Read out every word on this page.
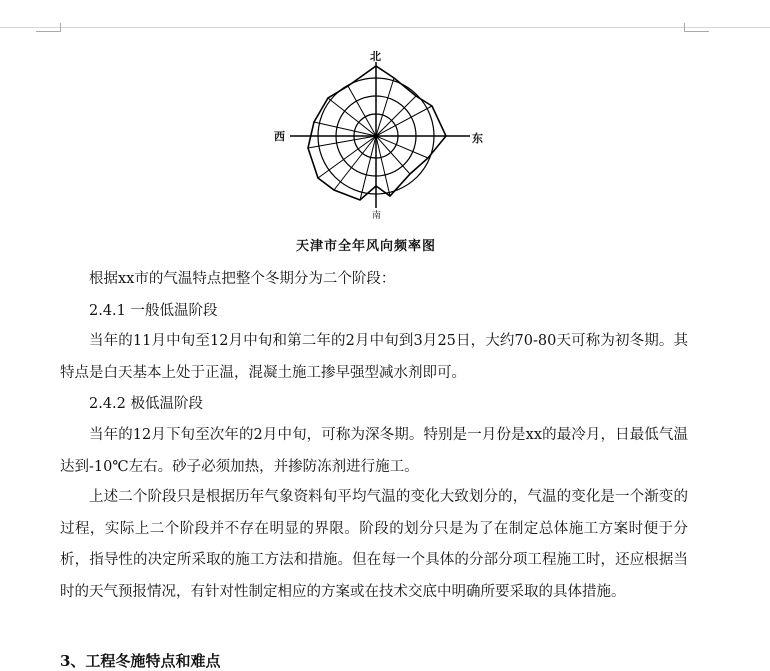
北
南
东
西
天津市全年风向频率图

根据xx市的气温特点把整个冬期分为二个阶段：

2.4.1 一般低温阶段

当年的11月中旬至12月中旬和第二年的2月中旬到3月25日，大约70-80天可称为初冬期。其特点是白天基本上处于正温，混凝土施工掺早强型减水剂即可。

2.4.2 极低温阶段

当年的12月下旬至次年的2月中旬，可称为深冬期。特别是一月份是xx的最冷月，日最低气温达到-10℃左右。砂子必须加热，并掺防冻剂进行施工。

上述二个阶段只是根据历年气象资料旬平均气温的变化大致划分的，气温的变化是一个渐变的过程，实际上二个阶段并不存在明显的界限。阶段的划分只是为了在制定总体施工方案时便于分析，指导性的决定所采取的施工方法和措施。但在每一个具体的分部分项工程施工时，还应根据当时的天气预报情况，有针对性制定相应的方案或在技术交底中明确所要采取的具体措施。

3、工程冬施特点和难点
